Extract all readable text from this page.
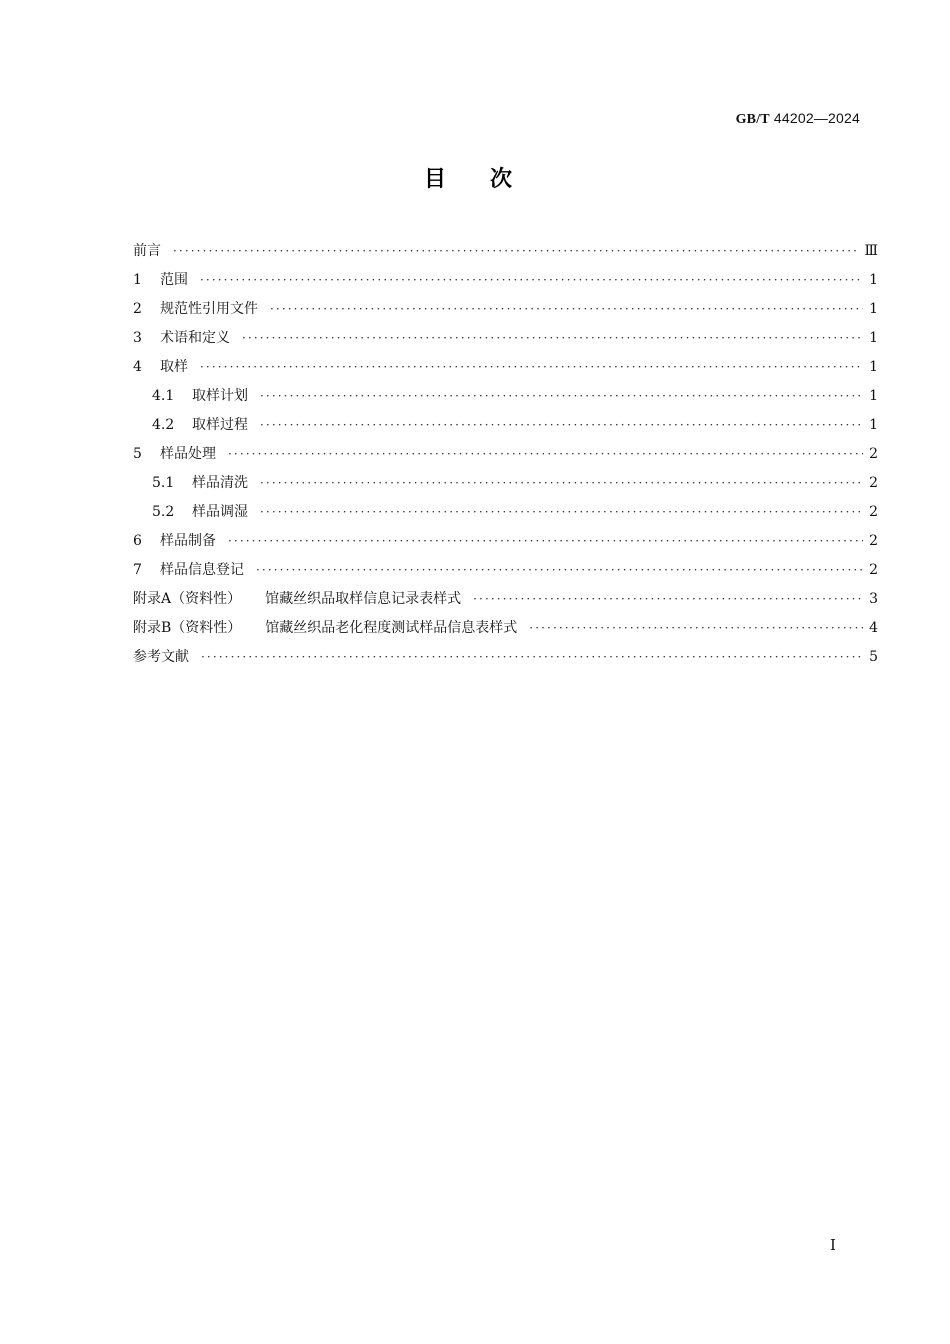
GB/T 44202—2024
目次
前言 ·····	Ⅲ
1	范围 ·····	1
2	规范性引用文件 ·····	1
3	术语和定义 ·····	1
4	取样 ·····	1
4.1	取样计划 ·····	1
4.2	取样过程 ·····	1
5	样品处理 ·····	2
5.1	样品清洗 ·····	2
5.2	样品调湿 ·····	2
6	样品制备 ·····	2
7	样品信息登记 ·····	2
附录A（资料性） 馆藏丝织品取样信息记录表样式 ·····	3
附录B（资料性） 馆藏丝织品老化程度测试样品信息表样式 ·····	4
参考文献 ·····	5
Ⅰ
